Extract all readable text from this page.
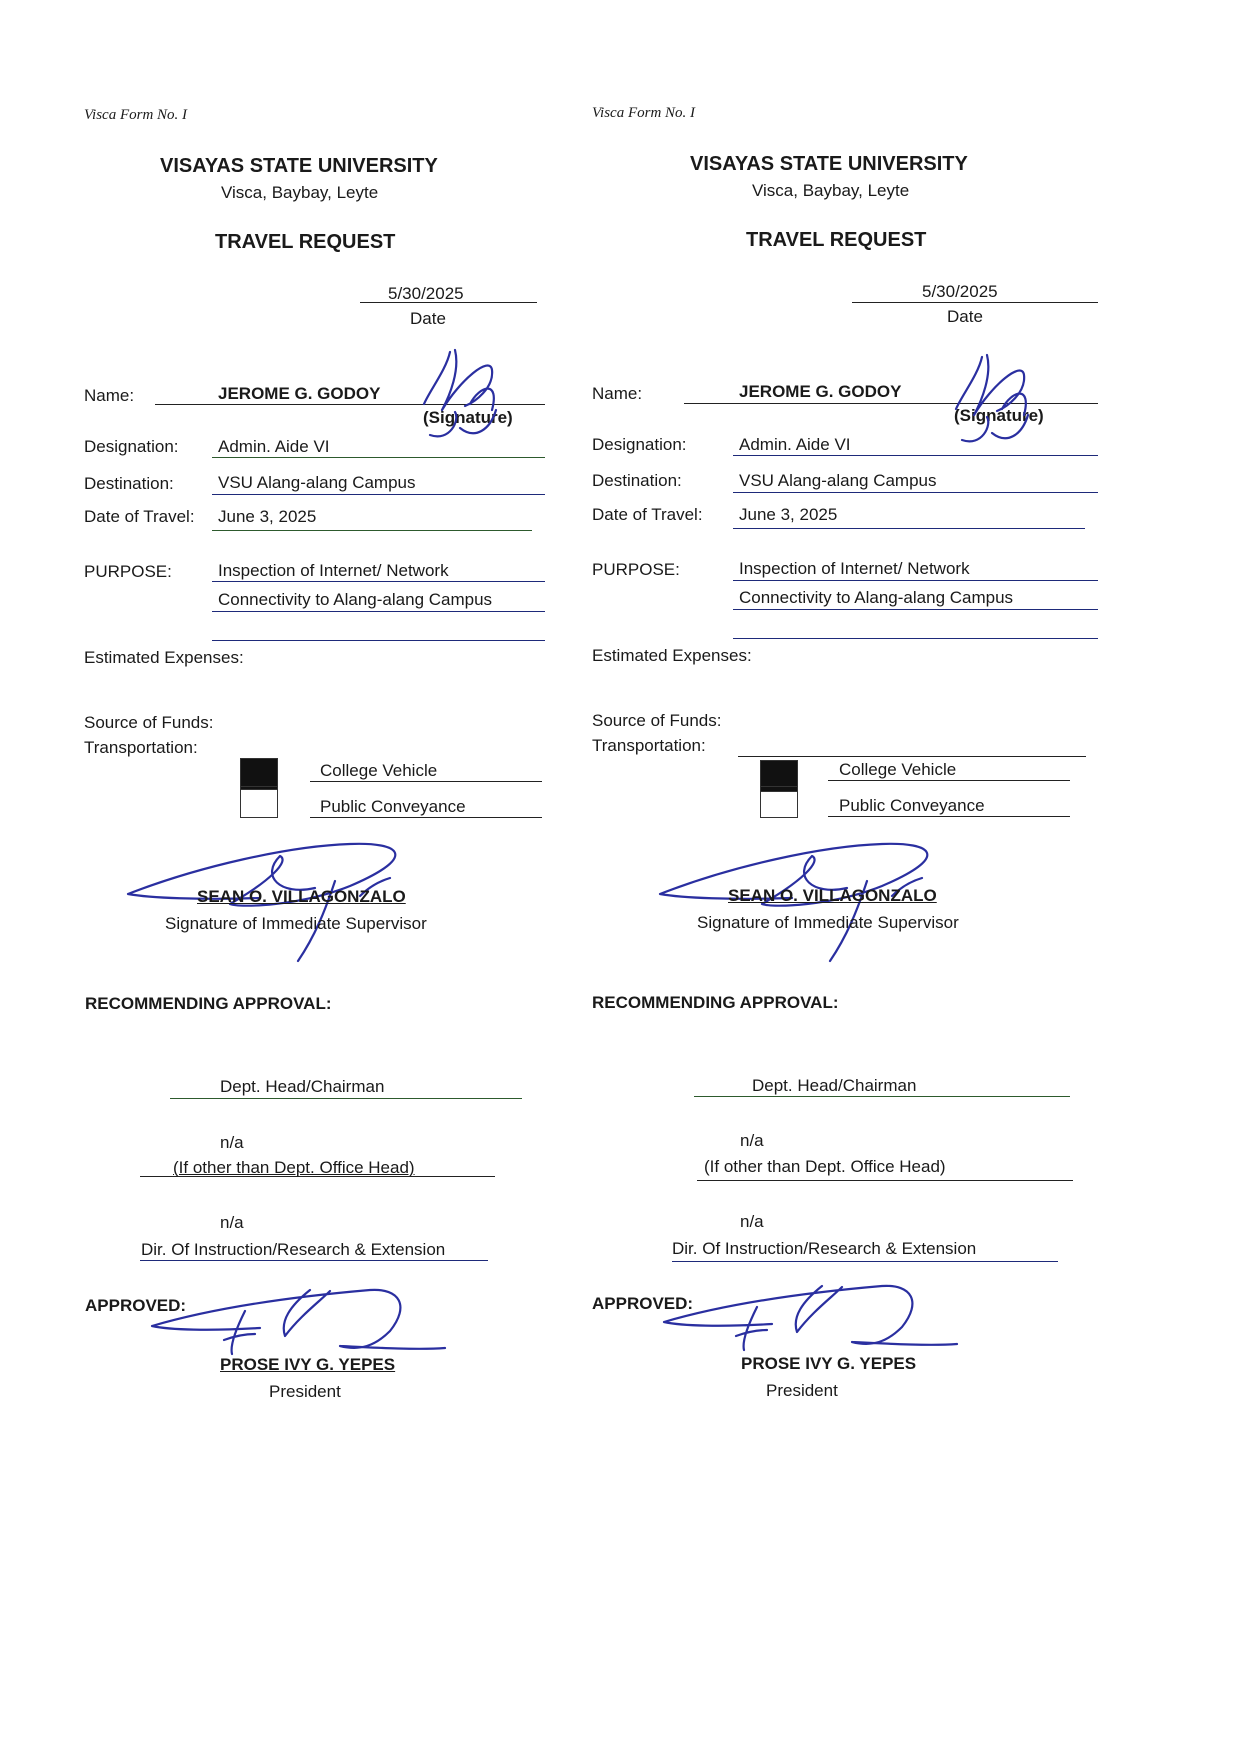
Visca Form No. I
VISAYAS STATE UNIVERSITY
Visca, Baybay, Leyte
TRAVEL REQUEST
5/30/2025
Date
Name:	JEROME G. GODOY
(Signature)
Designation: Admin. Aide VI
Destination:	VSU Alang-alang Campus
Date of Travel: June 3, 2025
PURPOSE:	Inspection of Internet/ Network
Connectivity to Alang-alang Campus
Estimated Expenses:
Source of Funds:
Transportation:
College Vehicle
Public Conveyance
SEAN O. VILLAGONZALO
Signature of Immediate Supervisor
RECOMMENDING APPROVAL:
Dept. Head/Chairman
n/a
(If other than Dept. Office Head)
n/a
Dir. Of Instruction/Research & Extension
APPROVED:
PROSE IVY G. YEPES
President
Visca Form No. I
VISAYAS STATE UNIVERSITY
Visca, Baybay, Leyte
TRAVEL REQUEST
5/30/2025
Date
Name:	JEROME G. GODOY
(Signature)
Designation:	Admin. Aide VI
Destination:	VSU Alang-alang Campus
Date of Travel: June 3, 2025
PURPOSE:	Inspection of Internet/ Network
Connectivity to Alang-alang Campus
Estimated Expenses:
Source of Funds:
Transportation:
College Vehicle
Public Conveyance
SEAN O. VILLAGONZALO
Signature of Immediate Supervisor
RECOMMENDING APPROVAL:
Dept. Head/Chairman
n/a
(If other than Dept. Office Head)
n/a
Dir. Of Instruction/Research & Extension
APPROVED:
PROSE IVY G. YEPES
President
